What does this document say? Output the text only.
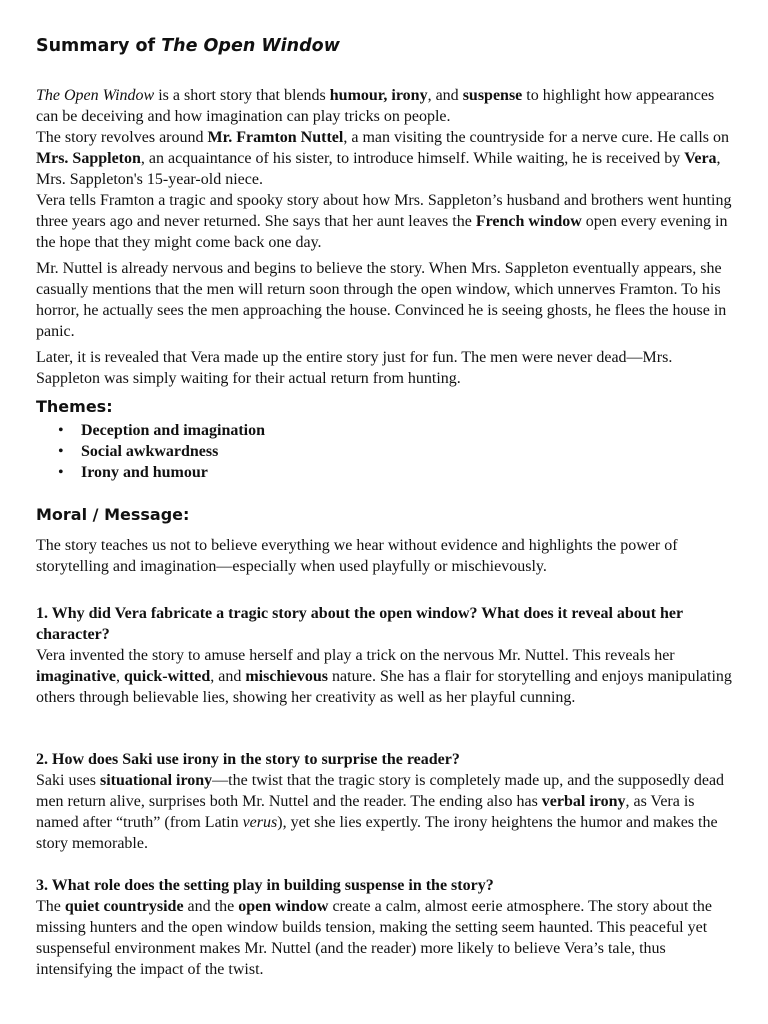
Summary of The Open Window
The Open Window is a short story that blends humour, irony, and suspense to highlight how appearances can be deceiving and how imagination can play tricks on people.
The story revolves around Mr. Framton Nuttel, a man visiting the countryside for a nerve cure. He calls on Mrs. Sappleton, an acquaintance of his sister, to introduce himself. While waiting, he is received by Vera, Mrs. Sappleton's 15-year-old niece.
Vera tells Framton a tragic and spooky story about how Mrs. Sappleton’s husband and brothers went hunting three years ago and never returned. She says that her aunt leaves the French window open every evening in the hope that they might come back one day.

Mr. Nuttel is already nervous and begins to believe the story. When Mrs. Sappleton eventually appears, she casually mentions that the men will return soon through the open window, which unnerves Framton. To his horror, he actually sees the men approaching the house. Convinced he is seeing ghosts, he flees the house in panic.

Later, it is revealed that Vera made up the entire story just for fun. The men were never dead—Mrs. Sappleton was simply waiting for their actual return from hunting.

Themes:
• Deception and imagination
• Social awkwardness
• Irony and humour
Moral / Message:

The story teaches us not to believe everything we hear without evidence and highlights the power of storytelling and imagination—especially when used playfully or mischievously.

1. Why did Vera fabricate a tragic story about the open window? What does it reveal about her character?
Vera invented the story to amuse herself and play a trick on the nervous Mr. Nuttel. This reveals her imaginative, quick-witted, and mischievous nature. She has a flair for storytelling and enjoys manipulating others through believable lies, showing her creativity as well as her playful cunning.
2. How does Saki use irony in the story to surprise the reader?
Saki uses situational irony—the twist that the tragic story is completely made up, and the supposedly dead men return alive, surprises both Mr. Nuttel and the reader. The ending also has verbal irony, as Vera is named after “truth” (from Latin verus), yet she lies expertly. The irony heightens the humor and makes the story memorable.
3. What role does the setting play in building suspense in the story?
The quiet countryside and the open window create a calm, almost eerie atmosphere. The story about the missing hunters and the open window builds tension, making the setting seem haunted. This peaceful yet suspenseful environment makes Mr. Nuttel (and the reader) more likely to believe Vera’s tale, thus intensifying the impact of the twist.
